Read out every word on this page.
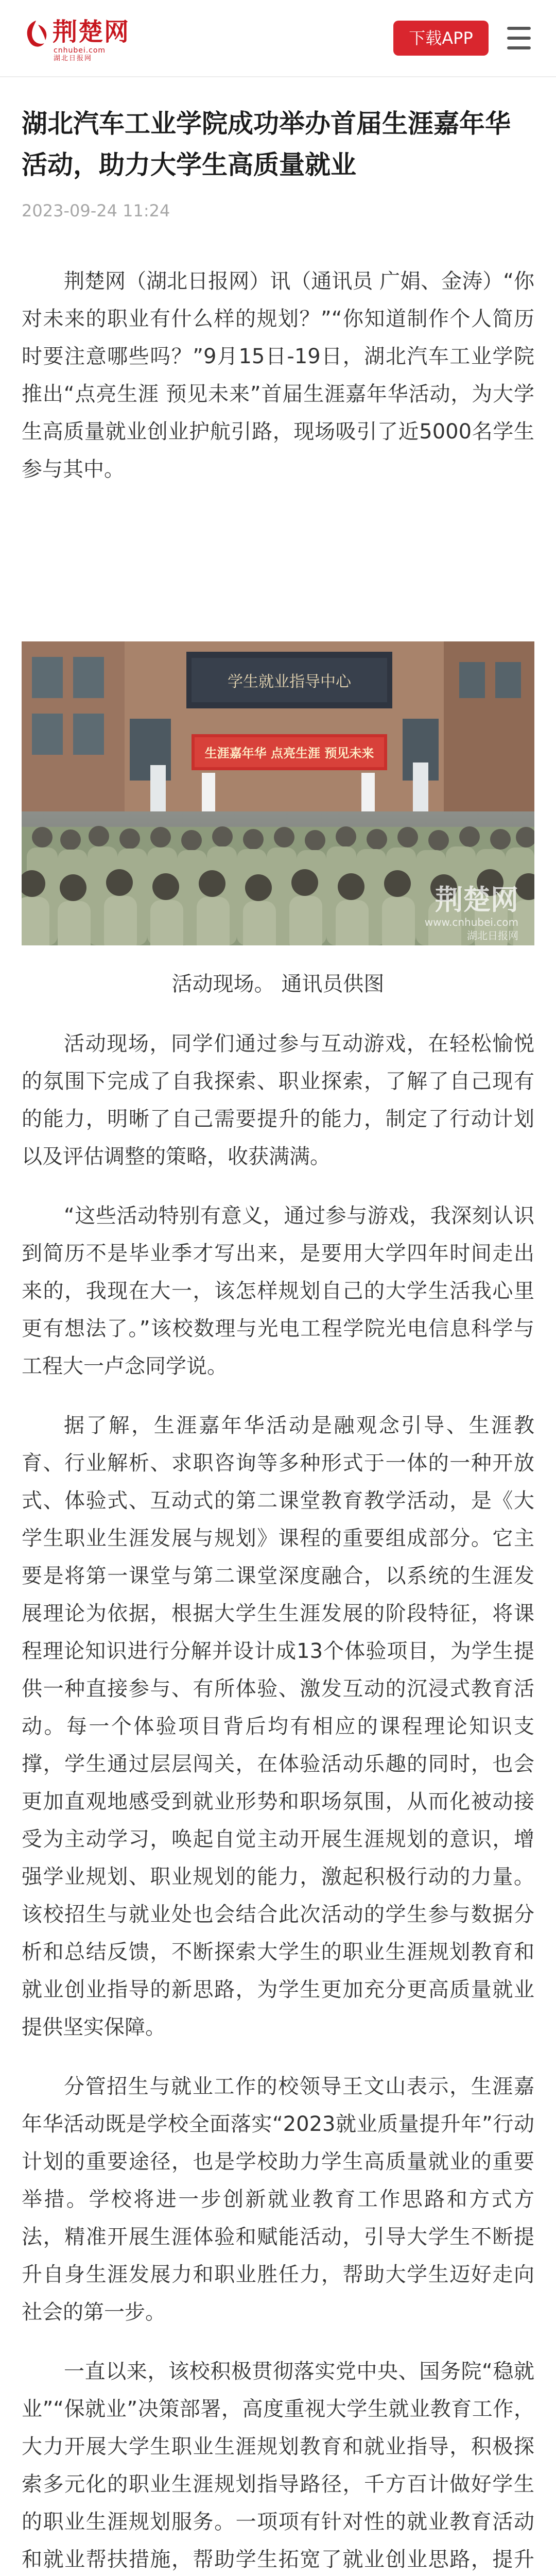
荆楚网
cnhubei.com
湖北日报网
下载APP
湖北汽车工业学院成功举办首届生涯嘉年华活动，助力大学生高质量就业
2023-09-24 11:24

荆楚网（湖北日报网）讯（通讯员 广娟、金涛）“你对未来的职业有什么样的规划？”“你知道制作个人简历时要注意哪些吗？”9月15日-19日，湖北汽车工业学院推出“点亮生涯 预见未来”首届生涯嘉年华活动，为大学生高质量就业创业护航引路，现场吸引了近5000名学生参与其中。

学生就业指导中心
生涯嘉年华 点亮生涯 预见未来
荆楚网
www.cnhubei.com
湖北日报网
活动现场。 通讯员供图

活动现场，同学们通过参与互动游戏，在轻松愉悦的氛围下完成了自我探索、职业探索，了解了自己现有的能力，明晰了自己需要提升的能力，制定了行动计划以及评估调整的策略，收获满满。

“这些活动特别有意义，通过参与游戏，我深刻认识到简历不是毕业季才写出来，是要用大学四年时间走出来的，我现在大一，该怎样规划自己的大学生活我心里更有想法了。”该校数理与光电工程学院光电信息科学与工程大一卢念同学说。

据了解，生涯嘉年华活动是融观念引导、生涯教育、行业解析、求职咨询等多种形式于一体的一种开放式、体验式、互动式的第二课堂教育教学活动，是《大学生职业生涯发展与规划》课程的重要组成部分。它主要是将第一课堂与第二课堂深度融合，以系统的生涯发展理论为依据，根据大学生生涯发展的阶段特征，将课程理论知识进行分解并设计成13个体验项目，为学生提供一种直接参与、有所体验、激发互动的沉浸式教育活动。每一个体验项目背后均有相应的课程理论知识支撑，学生通过层层闯关，在体验活动乐趣的同时，也会更加直观地感受到就业形势和职场氛围，从而化被动接受为主动学习，唤起自觉主动开展生涯规划的意识，增强学业规划、职业规划的能力，激起积极行动的力量。该校招生与就业处也会结合此次活动的学生参与数据分析和总结反馈，不断探索大学生的职业生涯规划教育和就业创业指导的新思路，为学生更加充分更高质量就业提供坚实保障。

分管招生与就业工作的校领导王文山表示，生涯嘉年华活动既是学校全面落实“2023就业质量提升年”行动计划的重要途径，也是学校助力学生高质量就业的重要举措。学校将进一步创新就业教育工作思路和方式方法，精准开展生涯体验和赋能活动，引导大学生不断提升自身生涯发展力和职业胜任力，帮助大学生迈好走向社会的第一步。

一直以来，该校积极贯彻落实党中央、国务院“稳就业”“保就业”决策部署，高度重视大学生就业教育工作，大力开展大学生职业生涯规划教育和就业指导，积极探索多元化的职业生涯规划指导路径，千方百计做好学生的职业生涯规划服务。一项项有针对性的就业教育活动和就业帮扶措施，帮助学生拓宽了就业创业思路，提升
